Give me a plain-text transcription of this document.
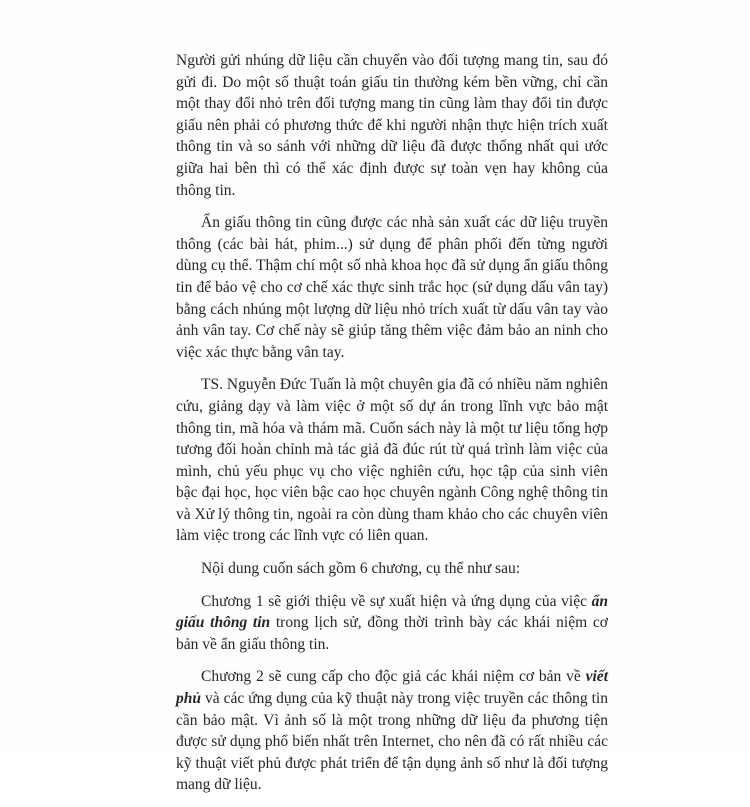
Người gửi nhúng dữ liệu cần chuyển vào đối tượng mang tin, sau đó gửi đi. Do một số thuật toán giấu tin thường kém bền vững, chỉ cần một thay đổi nhỏ trên đối tượng mang tin cũng làm thay đổi tin được giấu nên phải có phương thức để khi người nhận thực hiện trích xuất thông tin và so sánh với những dữ liệu đã được thống nhất qui ước giữa hai bên thì có thể xác định được sự toàn vẹn hay không của thông tin.

Ẩn giấu thông tin cũng được các nhà sản xuất các dữ liệu truyền thông (các bài hát, phim...) sử dụng để phân phối đến từng người dùng cụ thể. Thậm chí một số nhà khoa học đã sử dụng ẩn giấu thông tin để bảo vệ cho cơ chế xác thực sinh trắc học (sử dụng dấu vân tay) bằng cách nhúng một lượng dữ liệu nhỏ trích xuất từ dấu vân tay vào ảnh vân tay. Cơ chế này sẽ giúp tăng thêm việc đảm bảo an ninh cho việc xác thực bằng vân tay.

TS. Nguyễn Đức Tuấn là một chuyên gia đã có nhiều năm nghiên cứu, giảng dạy và làm việc ở một số dự án trong lĩnh vực bảo mật thông tin, mã hóa và thám mã. Cuốn sách này là một tư liệu tổng hợp tương đối hoàn chỉnh mà tác giả đã đúc rút từ quá trình làm việc của mình, chủ yếu phục vụ cho việc nghiên cứu, học tập của sinh viên bậc đại học, học viên bậc cao học chuyên ngành Công nghệ thông tin và Xử lý thông tin, ngoài ra còn dùng tham khảo cho các chuyên viên làm việc trong các lĩnh vực có liên quan.

Nội dung cuốn sách gồm 6 chương, cụ thể như sau:

Chương 1 sẽ giới thiệu về sự xuất hiện và ứng dụng của việc ẩn giấu thông tin trong lịch sử, đồng thời trình bày các khái niệm cơ bản về ẩn giấu thông tin.

Chương 2 sẽ cung cấp cho độc giả các khái niệm cơ bản về viết phủ và các ứng dụng của kỹ thuật này trong việc truyền các thông tin cần bảo mật. Vì ảnh số là một trong những dữ liệu đa phương tiện được sử dụng phổ biến nhất trên Internet, cho nên đã có rất nhiều các kỹ thuật viết phủ được phát triển để tận dụng ảnh số như là đối tượng mang dữ liệu.
